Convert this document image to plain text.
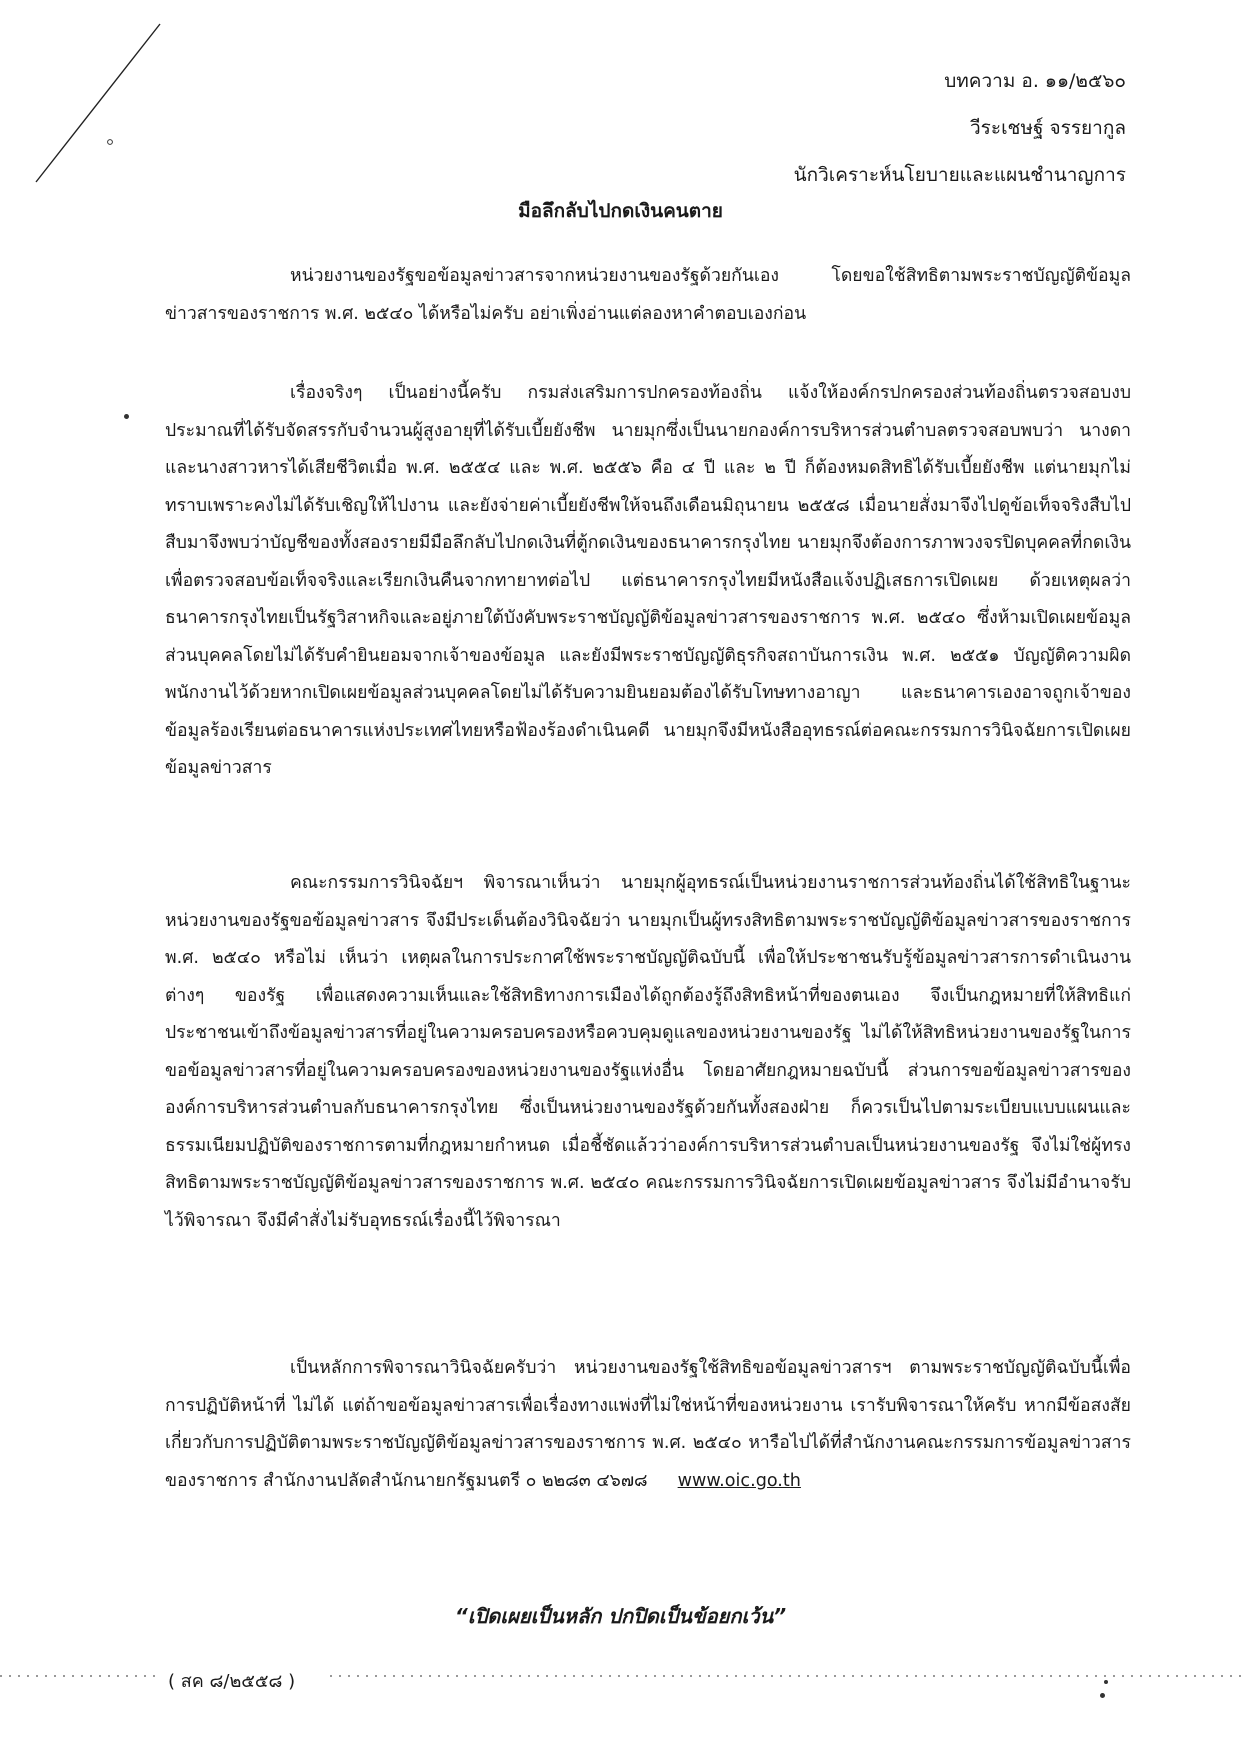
บทความ อ. ๑๑/๒๕๖๐
วีระเชษฐ์ จรรยากูล
นักวิเคราะห์นโยบายและแผนชำนาญการ
มือลึกลับไปกดเงินคนตาย

หน่วยงานของรัฐขอข้อมูลข่าวสารจากหน่วยงานของรัฐด้วยกันเอง โดยขอใช้สิทธิตามพระราชบัญญัติข้อมูลข่าวสารของราชการ พ.ศ. ๒๕๔๐ ได้หรือไม่ครับ อย่าเพิ่งอ่านแต่ลองหาคำตอบเองก่อน

เรื่องจริงๆ เป็นอย่างนี้ครับ กรมส่งเสริมการปกครองท้องถิ่น แจ้งให้องค์กรปกครองส่วนท้องถิ่นตรวจสอบงบประมาณที่ได้รับจัดสรรกับจำนวนผู้สูงอายุที่ได้รับเบี้ยยังชีพ นายมุกซึ่งเป็นนายกองค์การบริหารส่วนตำบลตรวจสอบพบว่า นางดาและนางสาวหารได้เสียชีวิตเมื่อ พ.ศ. ๒๕๕๔ และ พ.ศ. ๒๕๕๖ คือ ๔ ปี และ ๒ ปี ก็ต้องหมดสิทธิได้รับเบี้ยยังชีพ แต่นายมุกไม่ทราบเพราะคงไม่ได้รับเชิญให้ไปงาน และยังจ่ายค่าเบี้ยยังชีพให้จนถึงเดือนมิถุนายน ๒๕๕๘ เมื่อนายสั่งมาจึงไปดูข้อเท็จจริงสืบไปสืบมาจึงพบว่าบัญชีของทั้งสองรายมีมือลึกลับไปกดเงินที่ตู้กดเงินของธนาคารกรุงไทย นายมุกจึงต้องการภาพวงจรปิดบุคคลที่กดเงิน เพื่อตรวจสอบข้อเท็จจริงและเรียกเงินคืนจากทายาทต่อไป แต่ธนาคารกรุงไทยมีหนังสือแจ้งปฏิเสธการเปิดเผย ด้วยเหตุผลว่าธนาคารกรุงไทยเป็นรัฐวิสาหกิจและอยู่ภายใต้บังคับพระราชบัญญัติข้อมูลข่าวสารของราชการ พ.ศ. ๒๕๔๐ ซึ่งห้ามเปิดเผยข้อมูลส่วนบุคคลโดยไม่ได้รับคำยินยอมจากเจ้าของข้อมูล และยังมีพระราชบัญญัติธุรกิจสถาบันการเงิน พ.ศ. ๒๕๕๑ บัญญัติความผิดพนักงานไว้ด้วยหากเปิดเผยข้อมูลส่วนบุคคลโดยไม่ได้รับความยินยอมต้องได้รับโทษทางอาญา และธนาคารเองอาจถูกเจ้าของข้อมูลร้องเรียนต่อธนาคารแห่งประเทศไทยหรือฟ้องร้องดำเนินคดี นายมุกจึงมีหนังสืออุทธรณ์ต่อคณะกรรมการวินิจฉัยการเปิดเผยข้อมูลข่าวสาร

คณะกรรมการวินิจฉัยฯ พิจารณาเห็นว่า นายมุกผู้อุทธรณ์เป็นหน่วยงานราชการส่วนท้องถิ่นได้ใช้สิทธิในฐานะหน่วยงานของรัฐขอข้อมูลข่าวสาร จึงมีประเด็นต้องวินิจฉัยว่า นายมุกเป็นผู้ทรงสิทธิตามพระราชบัญญัติข้อมูลข่าวสารของราชการ พ.ศ. ๒๕๔๐ หรือไม่ เห็นว่า เหตุผลในการประกาศใช้พระราชบัญญัติฉบับนี้ เพื่อให้ประชาชนรับรู้ข้อมูลข่าวสารการดำเนินงานต่างๆ ของรัฐ เพื่อแสดงความเห็นและใช้สิทธิทางการเมืองได้ถูกต้องรู้ถึงสิทธิหน้าที่ของตนเอง จึงเป็นกฎหมายที่ให้สิทธิแก่ประชาชนเข้าถึงข้อมูลข่าวสารที่อยู่ในความครอบครองหรือควบคุมดูแลของหน่วยงานของรัฐ ไม่ได้ให้สิทธิหน่วยงานของรัฐในการขอข้อมูลข่าวสารที่อยู่ในความครอบครองของหน่วยงานของรัฐแห่งอื่น โดยอาศัยกฎหมายฉบับนี้ ส่วนการขอข้อมูลข่าวสารขององค์การบริหารส่วนตำบลกับธนาคารกรุงไทย ซึ่งเป็นหน่วยงานของรัฐด้วยกันทั้งสองฝ่าย ก็ควรเป็นไปตามระเบียบแบบแผนและธรรมเนียมปฏิบัติของราชการตามที่กฎหมายกำหนด เมื่อชี้ชัดแล้วว่าองค์การบริหารส่วนตำบลเป็นหน่วยงานของรัฐ จึงไม่ใช่ผู้ทรงสิทธิตามพระราชบัญญัติข้อมูลข่าวสารของราชการ พ.ศ. ๒๕๔๐ คณะกรรมการวินิจฉัยการเปิดเผยข้อมูลข่าวสาร จึงไม่มีอำนาจรับไว้พิจารณา จึงมีคำสั่งไม่รับอุทธรณ์เรื่องนี้ไว้พิจารณา

เป็นหลักการพิจารณาวินิจฉัยครับว่า หน่วยงานของรัฐใช้สิทธิขอข้อมูลข่าวสารฯ ตามพระราชบัญญัติฉบับนี้เพื่อการปฏิบัติหน้าที่ ไม่ได้ แต่ถ้าขอข้อมูลข่าวสารเพื่อเรื่องทางแพ่งที่ไม่ใช่หน้าที่ของหน่วยงาน เรารับพิจารณาให้ครับ หากมีข้อสงสัยเกี่ยวกับการปฏิบัติตามพระราชบัญญัติข้อมูลข่าวสารของราชการ พ.ศ. ๒๕๔๐ หารือไปได้ที่สำนักงานคณะกรรมการข้อมูลข่าวสารของราชการ สำนักงานปลัดสำนักนายกรัฐมนตรี ๐ ๒๒๘๓ ๔๖๗๘ www.oic.go.th

“เปิดเผยเป็นหลัก ปกปิดเป็นข้อยกเว้น”
( สค ๘/๒๕๕๘ )
